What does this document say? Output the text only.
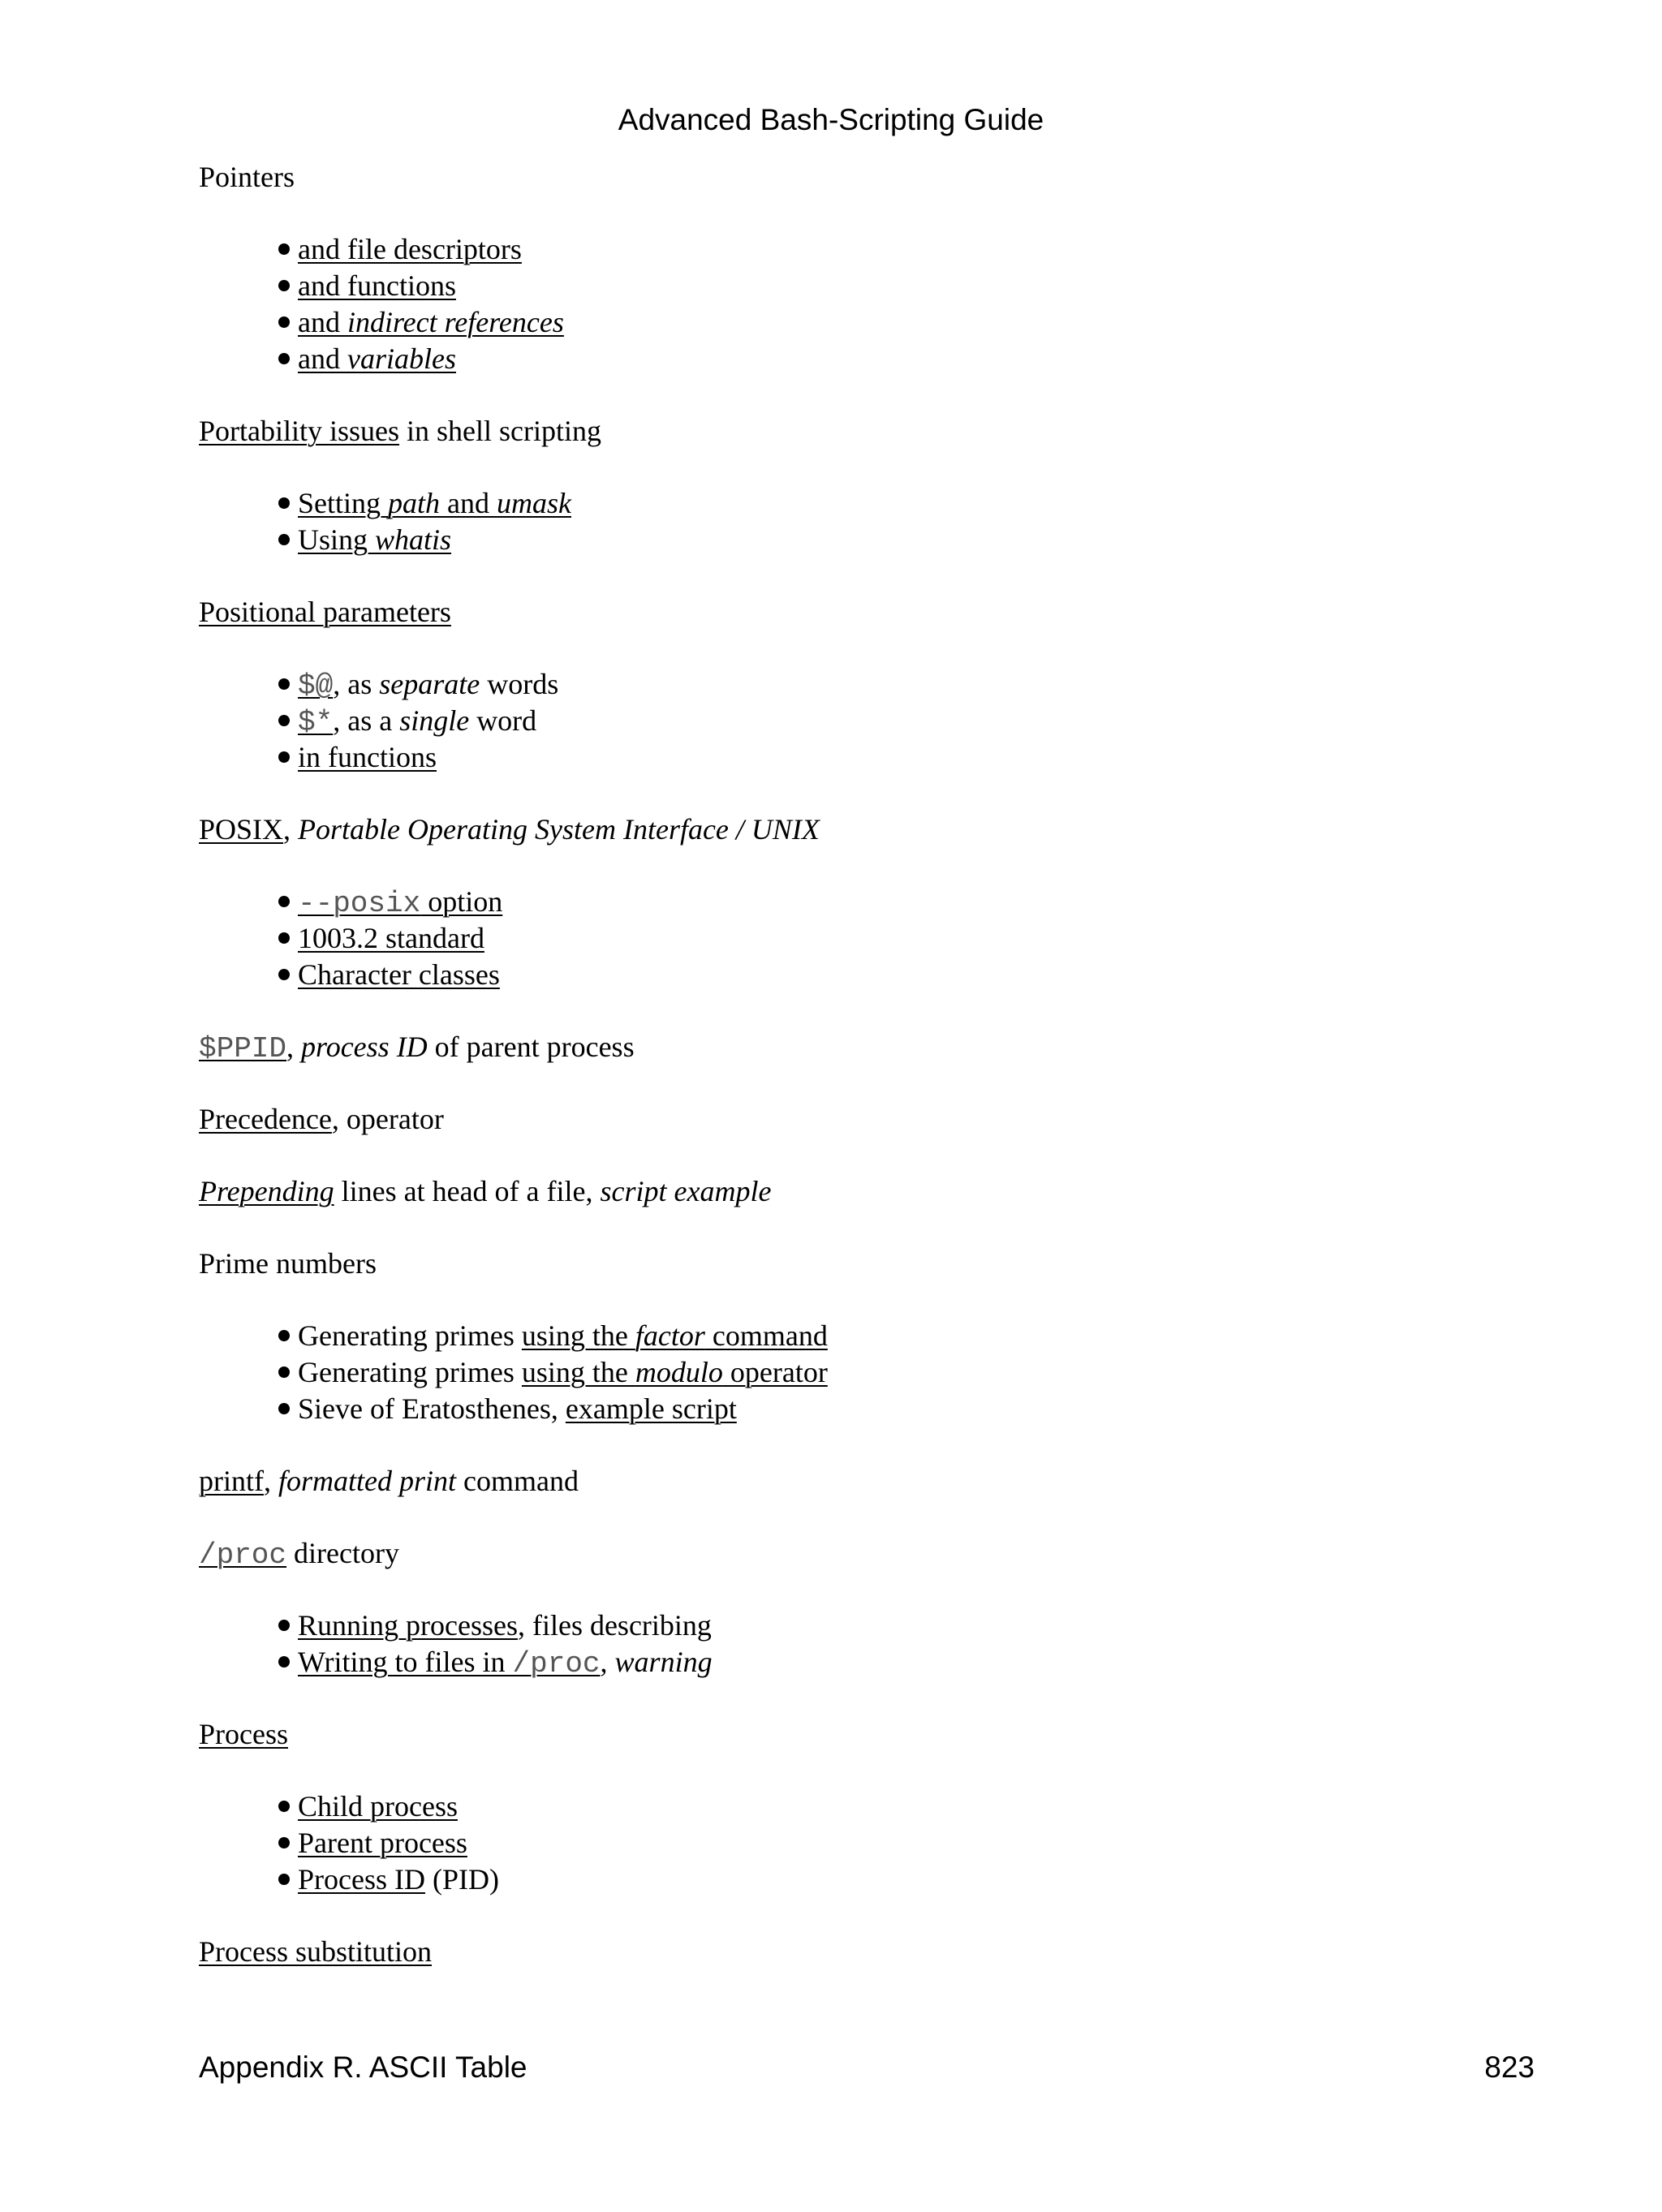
Advanced Bash-Scripting Guide

Pointers

and file descriptors
and functions
and indirect references
and variables

Portability issues in shell scripting

Setting path and umask
Using whatis

Positional parameters

$@, as separate words
$*, as a single word
in functions

POSIX, Portable Operating System Interface / UNIX

--posix option
1003.2 standard
Character classes

$PPID, process ID of parent process

Precedence, operator

Prepending lines at head of a file, script example

Prime numbers

Generating primes using the factor command
Generating primes using the modulo operator
Sieve of Eratosthenes, example script

printf, formatted print command

/proc directory

Running processes, files describing
Writing to files in /proc, warning

Process

Child process
Parent process
Process ID (PID)

Process substitution

Appendix R. ASCII Table	823
